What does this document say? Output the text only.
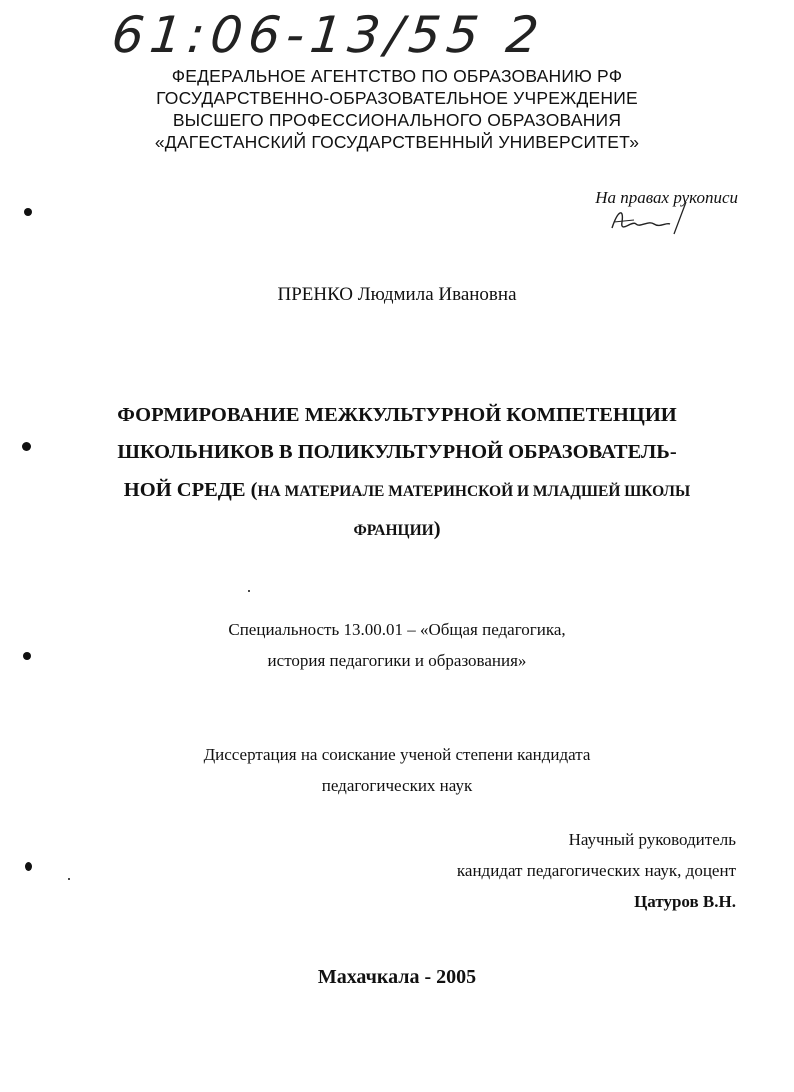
61:06-13/55 2
ФЕДЕРАЛЬНОЕ АГЕНТСТВО ПО ОБРАЗОВАНИЮ РФ
ГОСУДАРСТВЕННО-ОБРАЗОВАТЕЛЬНОЕ УЧРЕЖДЕНИЕ
ВЫСШЕГО ПРОФЕССИОНАЛЬНОГО ОБРАЗОВАНИЯ
«ДАГЕСТАНСКИЙ ГОСУДАРСТВЕННЫЙ УНИВЕРСИТЕТ»
На правах рукописи
ПРЕНКО Людмила Ивановна
ФОРМИРОВАНИЕ МЕЖКУЛЬТУРНОЙ КОМПЕТЕНЦИИ
ШКОЛЬНИКОВ В ПОЛИКУЛЬТУРНОЙ ОБРАЗОВАТЕЛЬ-
НОЙ СРЕДЕ (НА МАТЕРИАЛЕ МАТЕРИНСКОЙ И МЛАДШЕЙ ШКОЛЫ
ФРАНЦИИ)
Специальность 13.00.01 – «Общая педагогика,
история педагогики и образования»
Диссертация на соискание ученой степени кандидата
педагогических наук
Научный руководитель
кандидат педагогических наук, доцент
Цатуров В.Н.
Махачкала - 2005
